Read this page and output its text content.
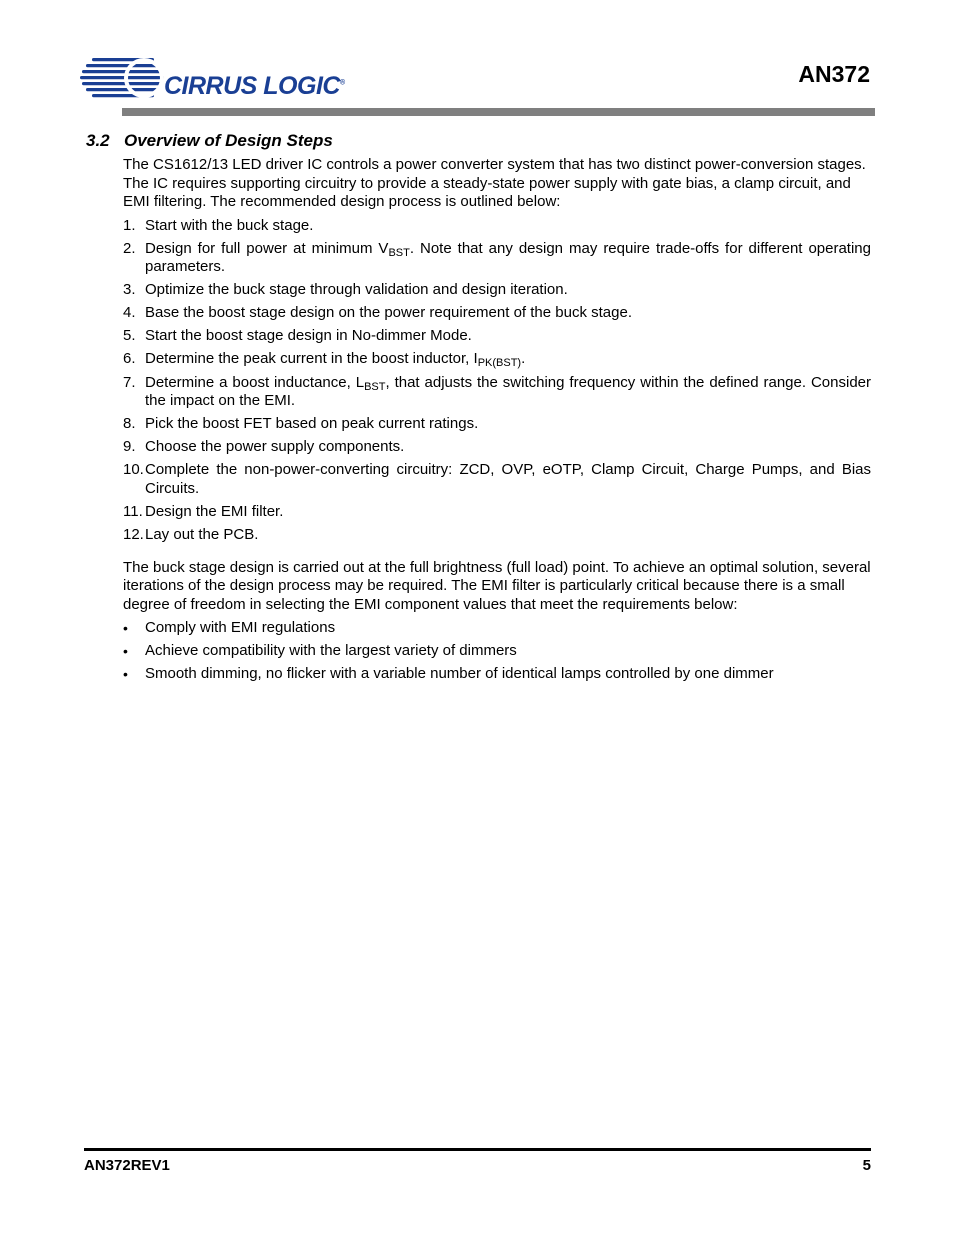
CIRRUS LOGIC®	AN372
3.2 Overview of Design Steps

The CS1612/13 LED driver IC controls a power converter system that has two distinct power-conversion stages. The IC requires supporting circuitry to provide a steady-state power supply with gate bias, a clamp circuit, and EMI filtering. The recommended design process is outlined below:

1. Start with the buck stage.
2. Design for full power at minimum $V_{BST}$. Note that any design may require trade-offs for different operating parameters.
3. Optimize the buck stage through validation and design iteration.
4. Base the boost stage design on the power requirement of the buck stage.
5. Start the boost stage design in No-dimmer Mode.
6. Determine the peak current in the boost inductor, $I_{PK(BST)}$.
7. Determine a boost inductance, $L_{BST}$, that adjusts the switching frequency within the defined range. Consider the impact on the EMI.
8. Pick the boost FET based on peak current ratings.
9. Choose the power supply components.
10. Complete the non-power-converting circuitry: ZCD, OVP, eOTP, Clamp Circuit, Charge Pumps, and Bias Circuits.
11. Design the EMI filter.
12. Lay out the PCB.

The buck stage design is carried out at the full brightness (full load) point. To achieve an optimal solution, several iterations of the design process may be required. The EMI filter is particularly critical because there is a small degree of freedom in selecting the EMI component values that meet the requirements below:

• Comply with EMI regulations
• Achieve compatibility with the largest variety of dimmers
• Smooth dimming, no flicker with a variable number of identical lamps controlled by one dimmer
AN372REV1	5
